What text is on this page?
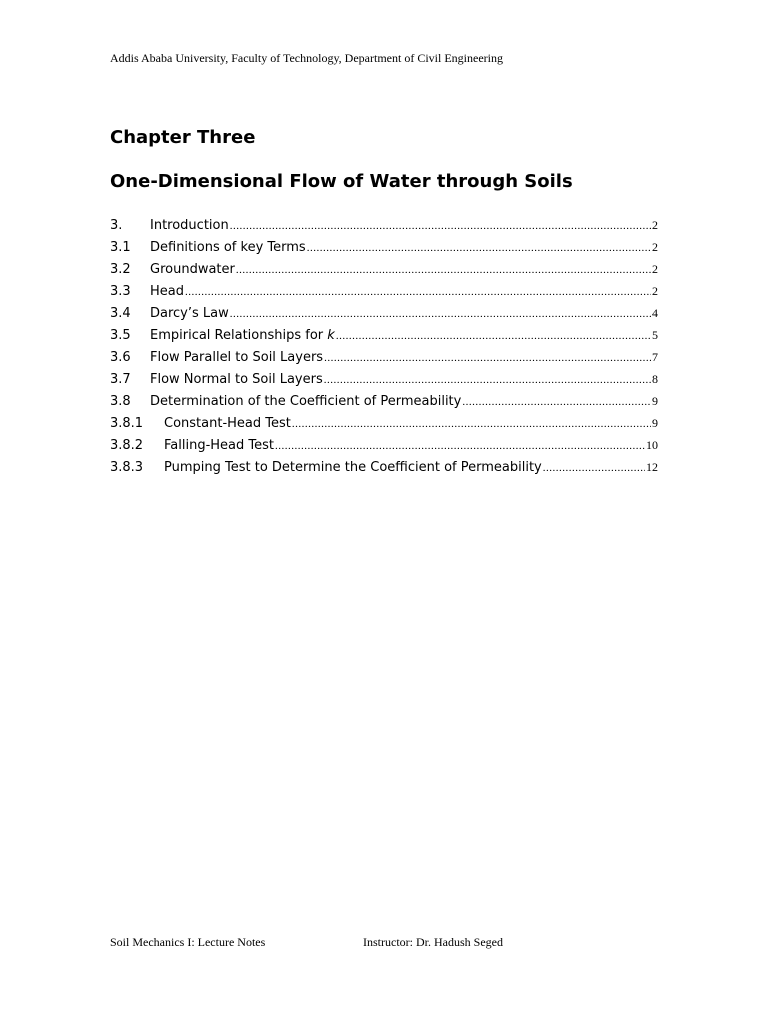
Addis Ababa University, Faculty of Technology, Department of Civil Engineering
Chapter Three
One-Dimensional Flow of Water through Soils
3.	Introduction .....	2
3.1	Definitions of key Terms .....	2
3.2	Groundwater .....	2
3.3	Head .....	2
3.4	Darcy’s Law .....	4
3.5	Empirical Relationships for k .....	5
3.6	Flow Parallel to Soil Layers .....	7
3.7	Flow Normal to Soil Layers .....	8
3.8	Determination of the Coefficient of Permeability .....	9
3.8.1	Constant-Head Test .....	9
3.8.2	Falling-Head Test .....	10
3.8.3	Pumping Test to Determine the Coefficient of Permeability .....	12
Soil Mechanics I: Lecture Notes	Instructor: Dr. Hadush Seged
